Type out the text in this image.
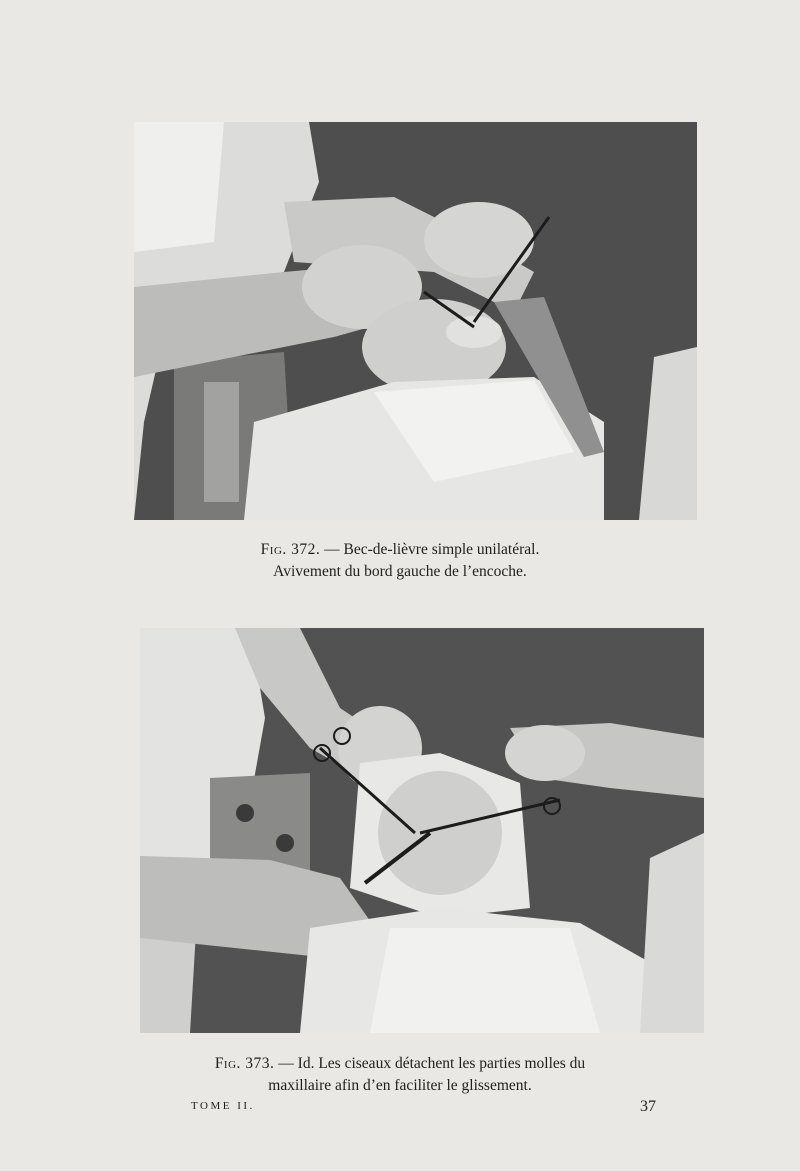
Fig. 372. — Bec-de-lièvre simple unilatéral.
Avivement du bord gauche de l’encoche.
Fig. 373. — Id. Les ciseaux détachent les parties molles du
maxillaire afin d’en faciliter le glissement.
TOME II.	37
